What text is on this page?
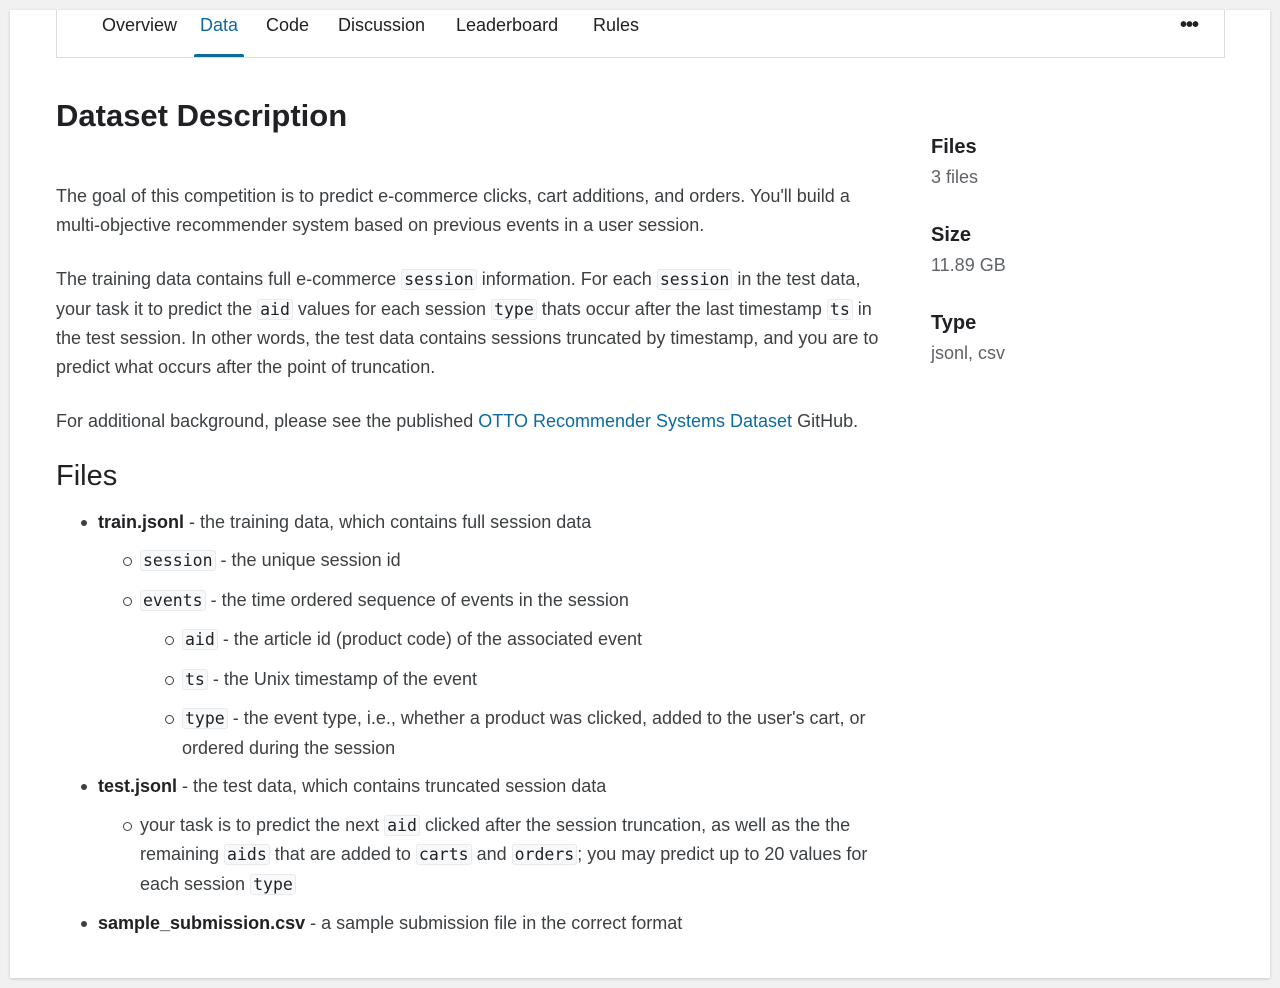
Overview	Data	Code	Discussion	Leaderboard	Rules	•••
Dataset Description

The goal of this competition is to predict e-commerce clicks, cart additions, and orders. You'll build a multi-objective recommender system based on previous events in a user session.

The training data contains full e-commerce session information. For each session in the test data, your task it to predict the aid values for each session type thats occur after the last timestamp ts in the test session. In other words, the test data contains sessions truncated by timestamp, and you are to predict what occurs after the point of truncation.

For additional background, please see the published OTTO Recommender Systems Dataset GitHub.

Files
train.jsonl - the training data, which contains full session data
session - the unique session id
events - the time ordered sequence of events in the session
aid - the article id (product code) of the associated event
ts - the Unix timestamp of the event
type - the event type, i.e., whether a product was clicked, added to the user's cart, or ordered during the session
test.jsonl - the test data, which contains truncated session data
your task is to predict the next aid clicked after the session truncation, as well as the the remaining aids that are added to carts and orders ; you may predict up to 20 values for each session type
sample_submission.csv - a sample submission file in the correct format
Files
3 files
Size
11.89 GB
Type
jsonl, csv
